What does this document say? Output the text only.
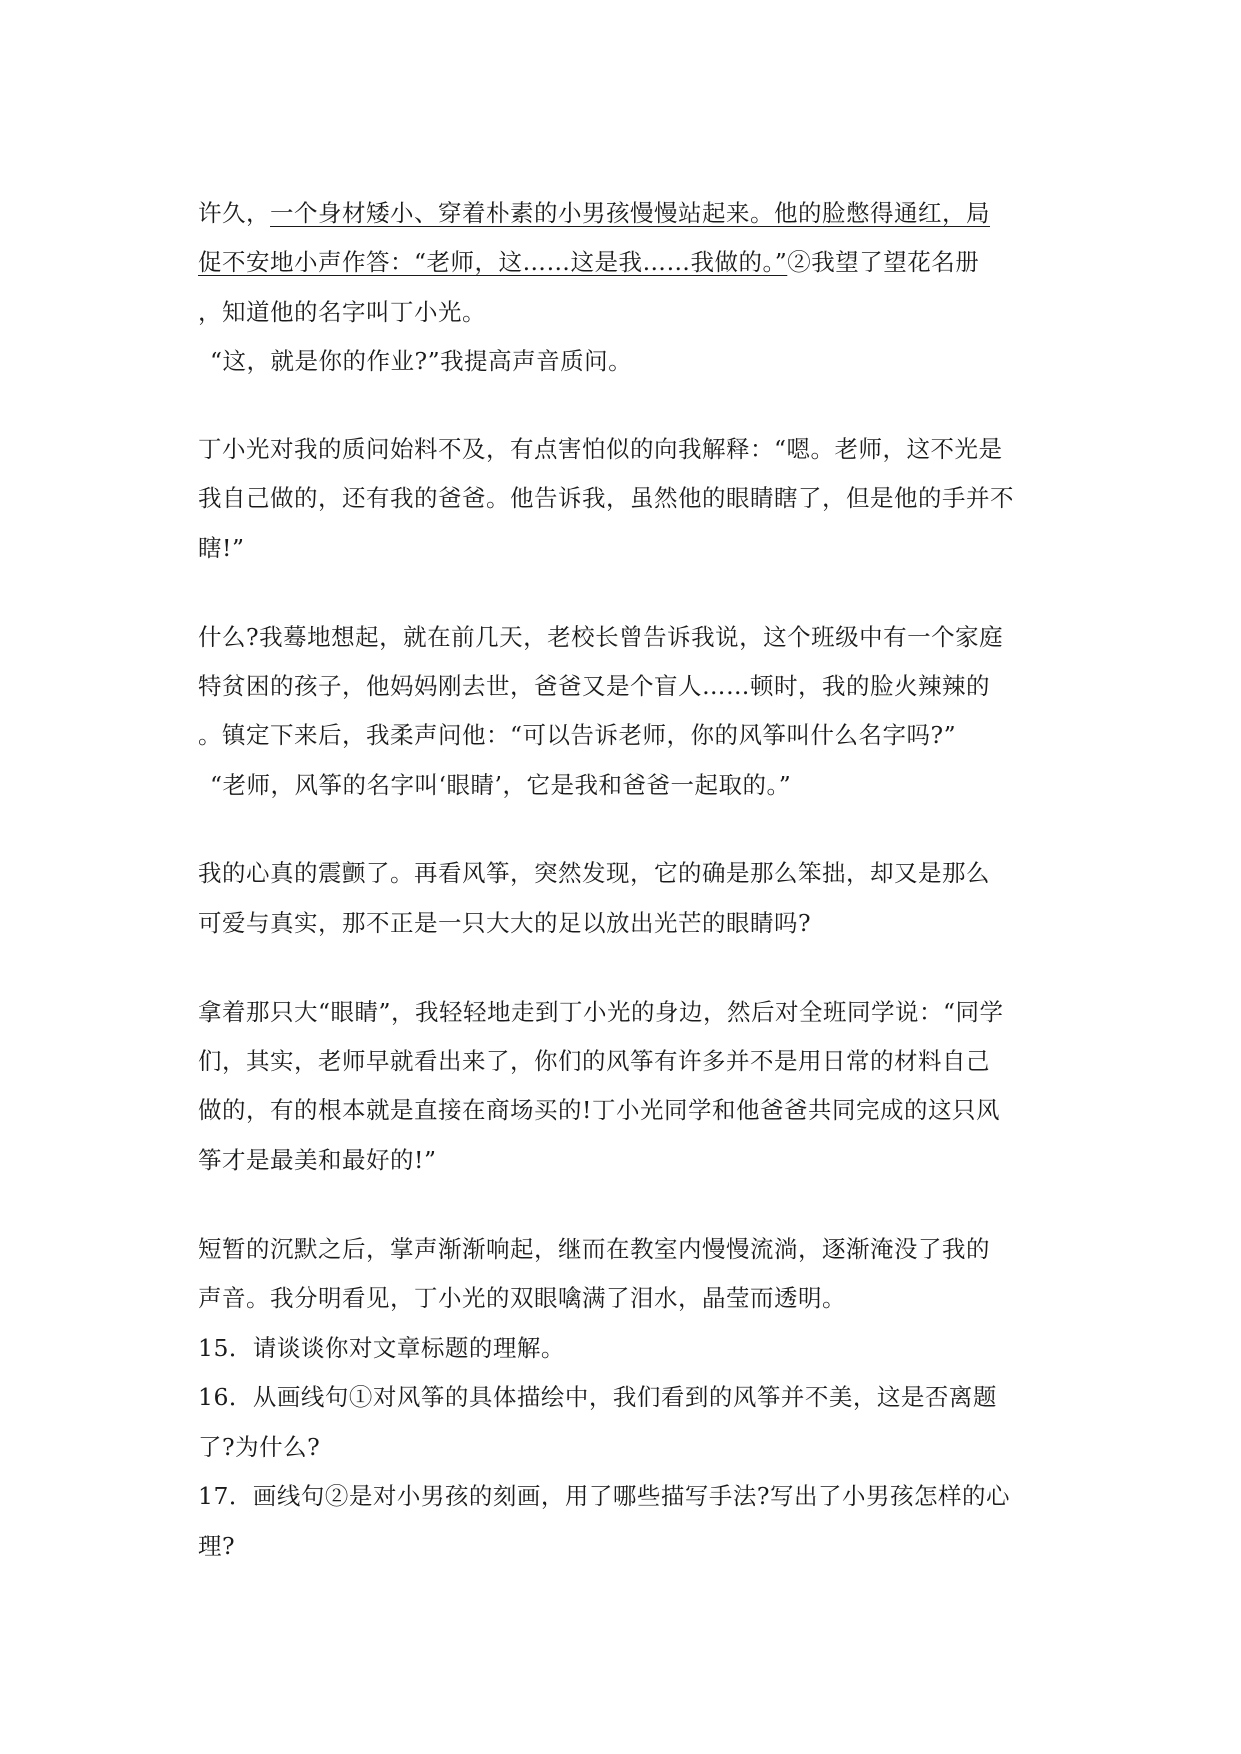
许久，一个身材矮小、穿着朴素的小男孩慢慢站起来。他的脸憋得通红，局
促不安地小声作答：“老师，这……这是我……我做的。”②我望了望花名册
，知道他的名字叫丁小光。
“这，就是你的作业?”我提高声音质问。
丁小光对我的质问始料不及，有点害怕似的向我解释：“嗯。老师，这不光是
我自己做的，还有我的爸爸。他告诉我，虽然他的眼睛瞎了，但是他的手并不
瞎!”
什么?我蓦地想起，就在前几天，老校长曾告诉我说，这个班级中有一个家庭
特贫困的孩子，他妈妈刚去世，爸爸又是个盲人……顿时，我的脸火辣辣的
。镇定下来后，我柔声问他：“可以告诉老师，你的风筝叫什么名字吗?”
“老师，风筝的名字叫‘眼睛’，它是我和爸爸一起取的。”
我的心真的震颤了。再看风筝，突然发现，它的确是那么笨拙，却又是那么
可爱与真实，那不正是一只大大的足以放出光芒的眼睛吗?
拿着那只大“眼睛”，我轻轻地走到丁小光的身边，然后对全班同学说：“同学
们，其实，老师早就看出来了，你们的风筝有许多并不是用日常的材料自己
做的，有的根本就是直接在商场买的!丁小光同学和他爸爸共同完成的这只风
筝才是最美和最好的!”
短暂的沉默之后，掌声渐渐响起，继而在教室内慢慢流淌，逐渐淹没了我的
声音。我分明看见，丁小光的双眼噙满了泪水，晶莹而透明。
15．请谈谈你对文章标题的理解。
16．从画线句①对风筝的具体描绘中，我们看到的风筝并不美，这是否离题
了?为什么?
17．画线句②是对小男孩的刻画，用了哪些描写手法?写出了小男孩怎样的心
理?
